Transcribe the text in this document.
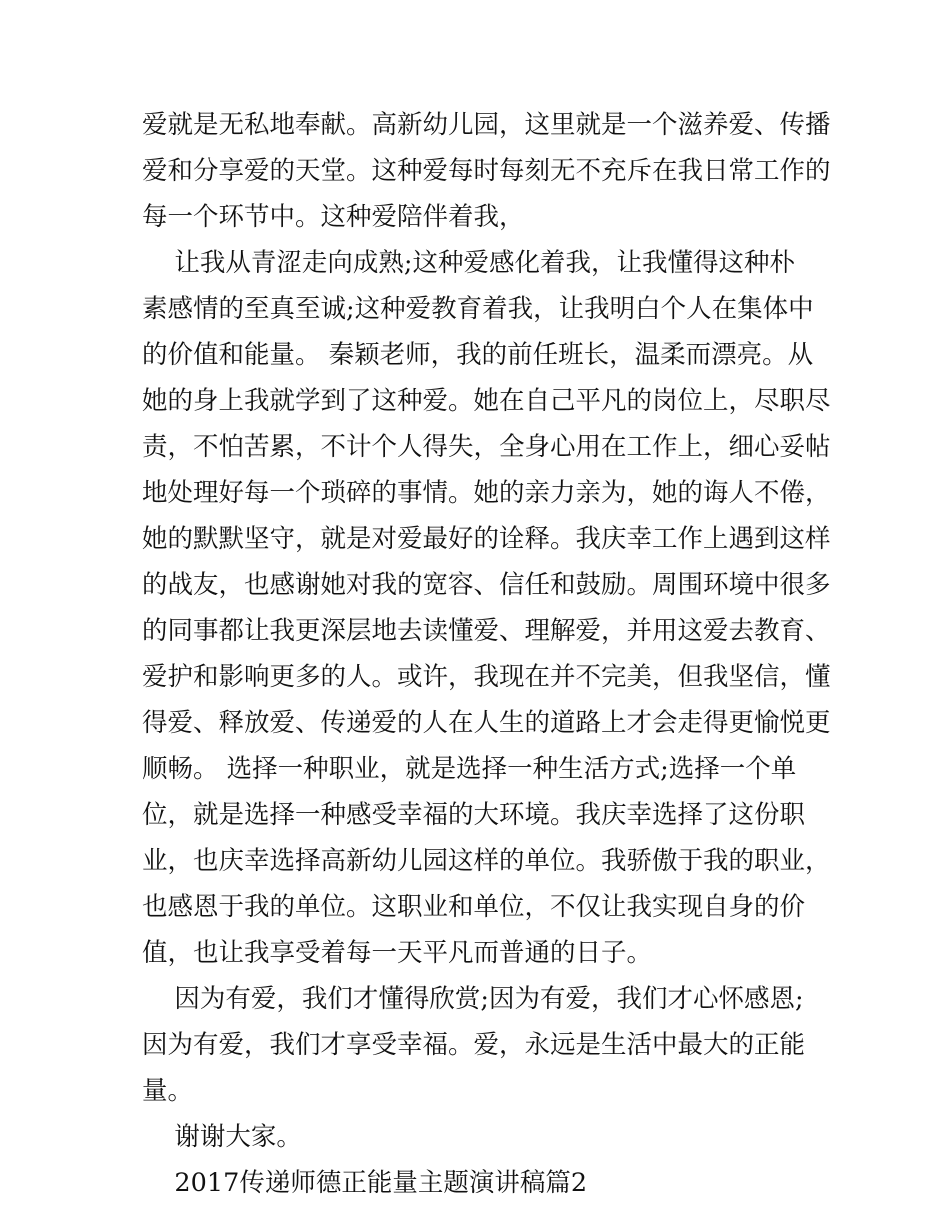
爱就是无私地奉献。高新幼儿园，这里就是一个滋养爱、传播
爱和分享爱的天堂。这种爱每时每刻无不充斥在我日常工作的
每一个环节中。这种爱陪伴着我，
让我从青涩走向成熟;这种爱感化着我，让我懂得这种朴
素感情的至真至诚;这种爱教育着我，让我明白个人在集体中
的价值和能量。 秦颖老师，我的前任班长，温柔而漂亮。从
她的身上我就学到了这种爱。她在自己平凡的岗位上，尽职尽
责，不怕苦累，不计个人得失，全身心用在工作上，细心妥帖
地处理好每一个琐碎的事情。她的亲力亲为，她的诲人不倦，
她的默默坚守，就是对爱最好的诠释。我庆幸工作上遇到这样
的战友，也感谢她对我的宽容、信任和鼓励。周围环境中很多
的同事都让我更深层地去读懂爱、理解爱，并用这爱去教育、
爱护和影响更多的人。或许，我现在并不完美，但我坚信，懂
得爱、释放爱、传递爱的人在人生的道路上才会走得更愉悦更
顺畅。 选择一种职业，就是选择一种生活方式;选择一个单
位，就是选择一种感受幸福的大环境。我庆幸选择了这份职
业，也庆幸选择高新幼儿园这样的单位。我骄傲于我的职业，
也感恩于我的单位。这职业和单位，不仅让我实现自身的价
值，也让我享受着每一天平凡而普通的日子。
因为有爱，我们才懂得欣赏;因为有爱，我们才心怀感恩;
因为有爱，我们才享受幸福。爱，永远是生活中最大的正能
量。
谢谢大家。
2017传递师德正能量主题演讲稿篇2
